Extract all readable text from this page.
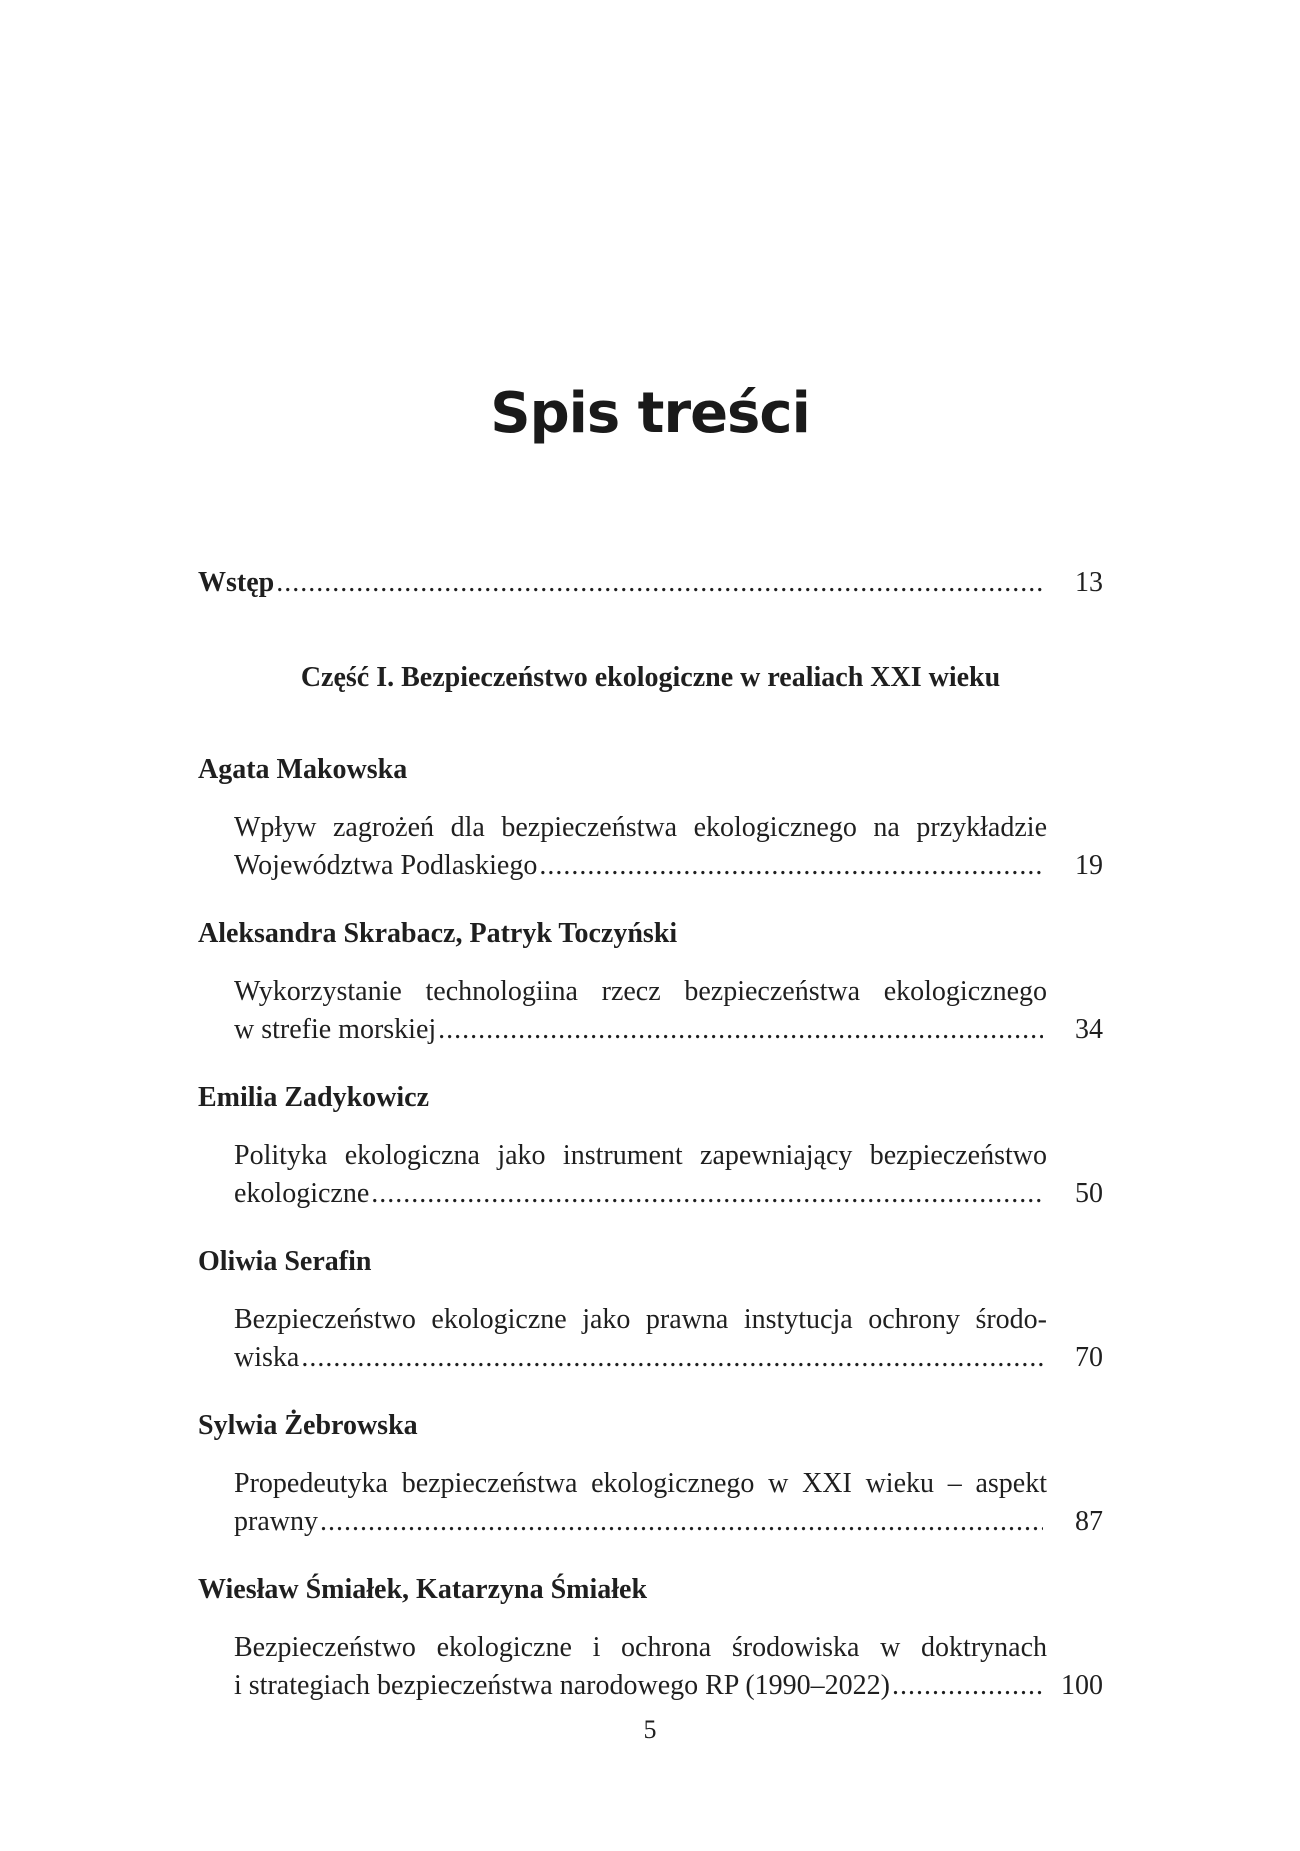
Spis treści
Wstęp .....	13
Część I. Bezpieczeństwo ekologiczne w realiach XXI wieku
Agata Makowska
Wpływ zagrożeń dla bezpieczeństwa ekologicznego na przykładzie
Województwa Podlaskiego .....	19
Aleksandra Skrabacz, Patryk Toczyński
Wykorzystanie technologiina rzecz bezpieczeństwa ekologicznego
w strefie morskiej .....	34
Emilia Zadykowicz
Polityka ekologiczna jako instrument zapewniający bezpieczeństwo
ekologiczne .....	50
Oliwia Serafin
Bezpieczeństwo ekologiczne jako prawna instytucja ochrony środo-
wiska .....	70
Sylwia Żebrowska
Propedeutyka bezpieczeństwa ekologicznego w XXI wieku – aspekt
prawny .....	87
Wiesław Śmiałek, Katarzyna Śmiałek
Bezpieczeństwo ekologiczne i ochrona środowiska w doktrynach
i strategiach bezpieczeństwa narodowego RP (1990–2022) .....	100
5
